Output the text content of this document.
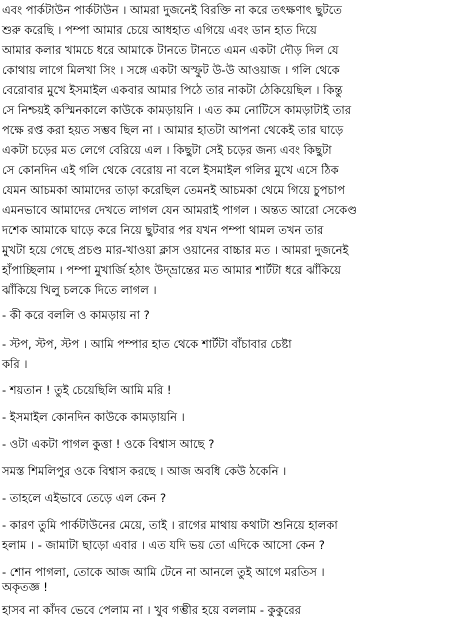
এবং পার্কটাউন পার্কটাউন । আমরা দুজনেই বিরক্তি না করে তৎক্ষণাৎ ছুটতে
শুরু করেছি । পম্পা আমার চেয়ে আধহাত এগিয়ে এবং ডান হাত দিয়ে
আমার কলার খামচে ধরে আমাকে টানতে টানতে এমন একটা দৌড় দিল যে
কোথায় লাগে মিলখা সিং । সঙ্গে একটা অস্ফুট উ-উ আওয়াজ । গলি থেকে
বেরোবার মুখে ইসমাইল একবার আমার পিঠে তার নাকটা ঠেকিয়েছিল । কিন্তু
সে নিশ্চয়ই কস্মিনকালে কাউকে কামড়ায়নি । এত কম নোটিসে কামড়াটাই তার
পক্ষে রপ্ত করা হয়ত সম্ভব ছিল না । আমার হাতটা আপনা থেকেই তার ঘাড়ে
একটা চড়ের মত লেগে বেরিয়ে এল । কিছুটা সেই চড়ের জন্য এবং কিছুটা
সে কোনদিন এই গলি থেকে বেরোয় না বলে ইসমাইল গলির মুখে এসে ঠিক
যেমন আচমকা আমাদের তাড়া করেছিল তেমনই আচমকা থেমে গিয়ে চুপচাপ
এমনভাবে আমাদের দেখতে লাগল যেন আমরাই পাগল । অন্তত আরো সেকেণ্ড
দশেক আমাকে ঘাড়ে করে নিয়ে ছুটবার পর যখন পম্পা থামল তখন তার
মুখটা হয়ে গেছে প্রচণ্ড মার-খাওয়া ক্লাস ওয়ানের বাচ্চার মত । আমরা দুজনেই
হাঁপাচ্ছিলাম । পম্পা মুখার্জি হঠাৎ উদ্‌ভ্রান্তের মত আমার শার্টটা ধরে ঝাঁকিয়ে
ঝাঁকিয়ে খিলু চলকে দিতে লাগল ।
- কী করে বললি ও কামড়ায় না ?
- স্টপ, স্টপ, স্টপ । আমি পম্পার হাত থেকে শার্টটা বাঁচাবার চেষ্টা
করি ।
- শয়তান ! তুই চেয়েছিলি আমি মরি !
- ইসমাইল কোনদিন কাউকে কামড়ায়নি ।
- ওটা একটা পাগল কুত্তা ! ওকে বিশ্বাস আছে ?
সমস্ত শিমলিপুর ওকে বিশ্বাস করছে । আজ অবধি কেউ ঠকেনি ।
- তাহলে এইভাবে তেড়ে এল কেন ?
- কারণ তুমি পার্কটাউনের মেয়ে, তাই । রাগের মাথায় কথাটা শুনিয়ে হালকা
হলাম । - জামাটা ছাড়ো এবার । এত যদি ভয় তো এদিকে আসো কেন ?
- শোন পাগলা, তোকে আজ আমি টেনে না আনলে তুই আগে মরতিস ।
অকৃতজ্ঞ !
হাসব না কাঁদব ভেবে পেলাম না । খুব গম্ভীর হয়ে বললাম - কুকুরের
